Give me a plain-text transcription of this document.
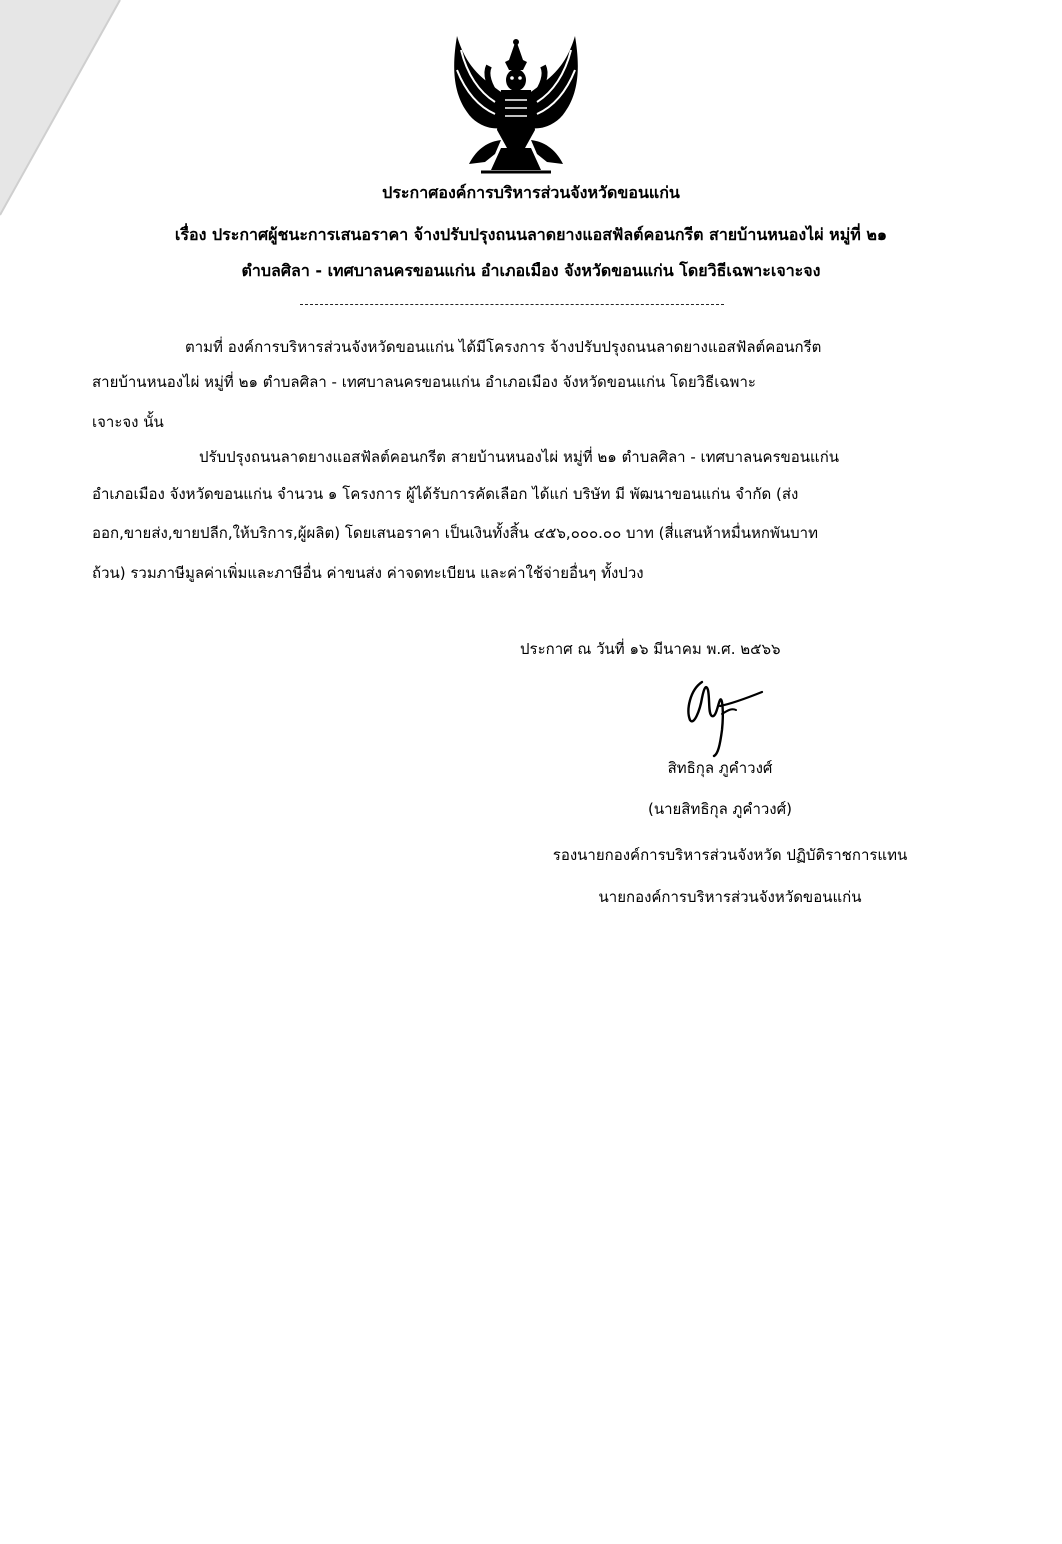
ประกาศองค์การบริหารส่วนจังหวัดขอนแก่น
เรื่อง ประกาศผู้ชนะการเสนอราคา จ้างปรับปรุงถนนลาดยางแอสฟัลต์คอนกรีต สายบ้านหนองไผ่ หมู่ที่ ๒๑
ตำบลศิลา - เทศบาลนครขอนแก่น อำเภอเมือง จังหวัดขอนแก่น โดยวิธีเฉพาะเจาะจง
ตามที่ องค์การบริหารส่วนจังหวัดขอนแก่น ได้มีโครงการ จ้างปรับปรุงถนนลาดยางแอสฟัลต์คอนกรีต
สายบ้านหนองไผ่ หมู่ที่ ๒๑ ตำบลศิลา - เทศบาลนครขอนแก่น อำเภอเมือง จังหวัดขอนแก่น โดยวิธีเฉพาะ
เจาะจง นั้น
ปรับปรุงถนนลาดยางแอสฟัลต์คอนกรีต สายบ้านหนองไผ่ หมู่ที่ ๒๑ ตำบลศิลา - เทศบาลนครขอนแก่น
อำเภอเมือง จังหวัดขอนแก่น จำนวน ๑ โครงการ ผู้ได้รับการคัดเลือก ได้แก่ บริษัท มี พัฒนาขอนแก่น จำกัด (ส่ง
ออก,ขายส่ง,ขายปลีก,ให้บริการ,ผู้ผลิต) โดยเสนอราคา เป็นเงินทั้งสิ้น ๔๕๖,๐๐๐.๐๐ บาท (สี่แสนห้าหมื่นหกพันบาท
ถ้วน) รวมภาษีมูลค่าเพิ่มและภาษีอื่น ค่าขนส่ง ค่าจดทะเบียน และค่าใช้จ่ายอื่นๆ ทั้งปวง
ประกาศ ณ วันที่ ๑๖ มีนาคม พ.ศ. ๒๕๖๖
สิทธิกุล ภูคำวงศ์
(นายสิทธิกุล ภูคำวงศ์)
รองนายกองค์การบริหารส่วนจังหวัด ปฏิบัติราชการแทน
นายกองค์การบริหารส่วนจังหวัดขอนแก่น
